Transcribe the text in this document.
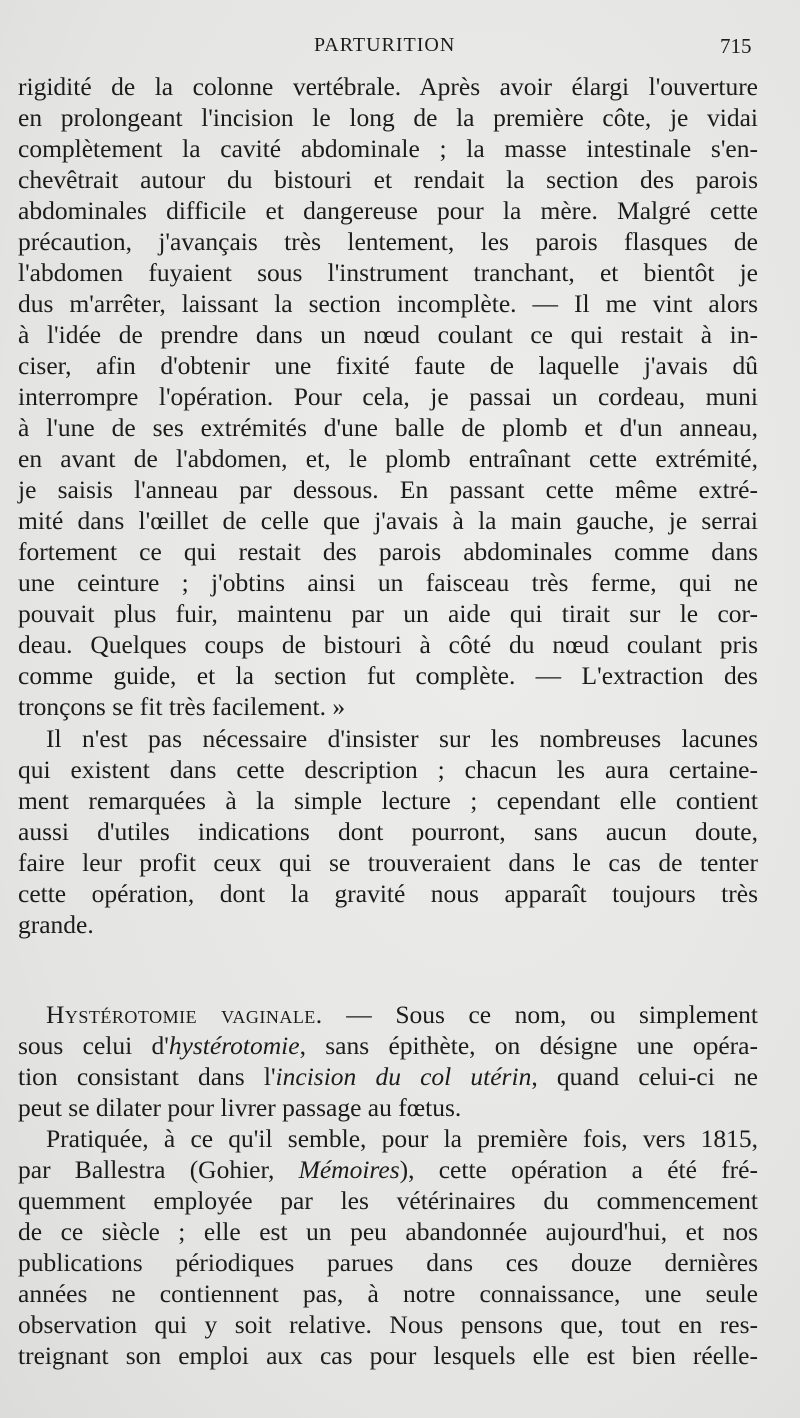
PARTURITION	715
rigidité de la colonne vertébrale. Après avoir élargi l'ouverture
en prolongeant l'incision le long de la première côte, je vidai
complètement la cavité abdominale ; la masse intestinale s'en-
chevêtrait autour du bistouri et rendait la section des parois
abdominales difficile et dangereuse pour la mère. Malgré cette
précaution, j'avançais très lentement, les parois flasques de
l'abdomen fuyaient sous l'instrument tranchant, et bientôt je
dus m'arrêter, laissant la section incomplète. — Il me vint alors
à l'idée de prendre dans un nœud coulant ce qui restait à in-
ciser, afin d'obtenir une fixité faute de laquelle j'avais dû
interrompre l'opération. Pour cela, je passai un cordeau, muni
à l'une de ses extrémités d'une balle de plomb et d'un anneau,
en avant de l'abdomen, et, le plomb entraînant cette extrémité,
je saisis l'anneau par dessous. En passant cette même extré-
mité dans l'œillet de celle que j'avais à la main gauche, je serrai
fortement ce qui restait des parois abdominales comme dans
une ceinture ; j'obtins ainsi un faisceau très ferme, qui ne
pouvait plus fuir, maintenu par un aide qui tirait sur le cor-
deau. Quelques coups de bistouri à côté du nœud coulant pris
comme guide, et la section fut complète. — L'extraction des
tronçons se fit très facilement. »
Il n'est pas nécessaire d'insister sur les nombreuses lacunes
qui existent dans cette description ; chacun les aura certaine-
ment remarquées à la simple lecture ; cependant elle contient
aussi d'utiles indications dont pourront, sans aucun doute,
faire leur profit ceux qui se trouveraient dans le cas de tenter
cette opération, dont la gravité nous apparaît toujours très
grande.
Hystérotomie vaginale. — Sous ce nom, ou simplement
sous celui d'hystérotomie, sans épithète, on désigne une opéra-
tion consistant dans l'incision du col utérin, quand celui-ci ne
peut se dilater pour livrer passage au fœtus.
Pratiquée, à ce qu'il semble, pour la première fois, vers 1815,
par Ballestra (Gohier, Mémoires), cette opération a été fré-
quemment employée par les vétérinaires du commencement
de ce siècle ; elle est un peu abandonnée aujourd'hui, et nos
publications périodiques parues dans ces douze dernières
années ne contiennent pas, à notre connaissance, une seule
observation qui y soit relative. Nous pensons que, tout en res-
treignant son emploi aux cas pour lesquels elle est bien réelle-
